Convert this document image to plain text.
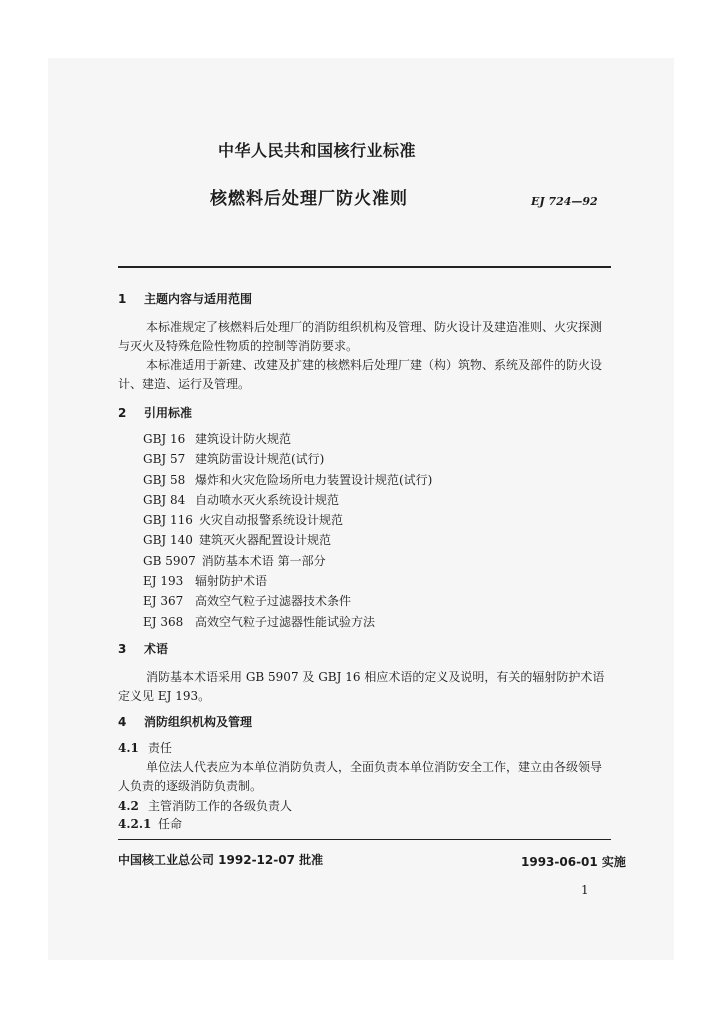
中华人民共和国核行业标准
核燃料后处理厂防火准则	EJ 724—92
1 主题内容与适用范围
本标准规定了核燃料后处理厂的消防组织机构及管理、防火设计及建造准则、火灾探测
与灭火及特殊危险性物质的控制等消防要求。
本标准适用于新建、改建及扩建的核燃料后处理厂建（构）筑物、系统及部件的防火设
计、建造、运行及管理。
2 引用标准
GBJ 16 建筑设计防火规范
GBJ 57 建筑防雷设计规范(试行)
GBJ 58 爆炸和火灾危险场所电力装置设计规范(试行)
GBJ 84 自动喷水灭火系统设计规范
GBJ 116 火灾自动报警系统设计规范
GBJ 140 建筑灭火器配置设计规范
GB 5907 消防基本术语 第一部分
EJ 193 辐射防护术语
EJ 367 高效空气粒子过滤器技术条件
EJ 368 高效空气粒子过滤器性能试验方法
3 术语
消防基本术语采用 GB 5907 及 GBJ 16 相应术语的定义及说明，有关的辐射防护术语
定义见 EJ 193。
4 消防组织机构及管理
4.1 责任
单位法人代表应为本单位消防负责人，全面负责本单位消防安全工作，建立由各级领导
人负责的逐级消防负责制。
4.2 主管消防工作的各级负责人
4.2.1 任命
中国核工业总公司 1992-12-07 批准	1993-06-01 实施
1
